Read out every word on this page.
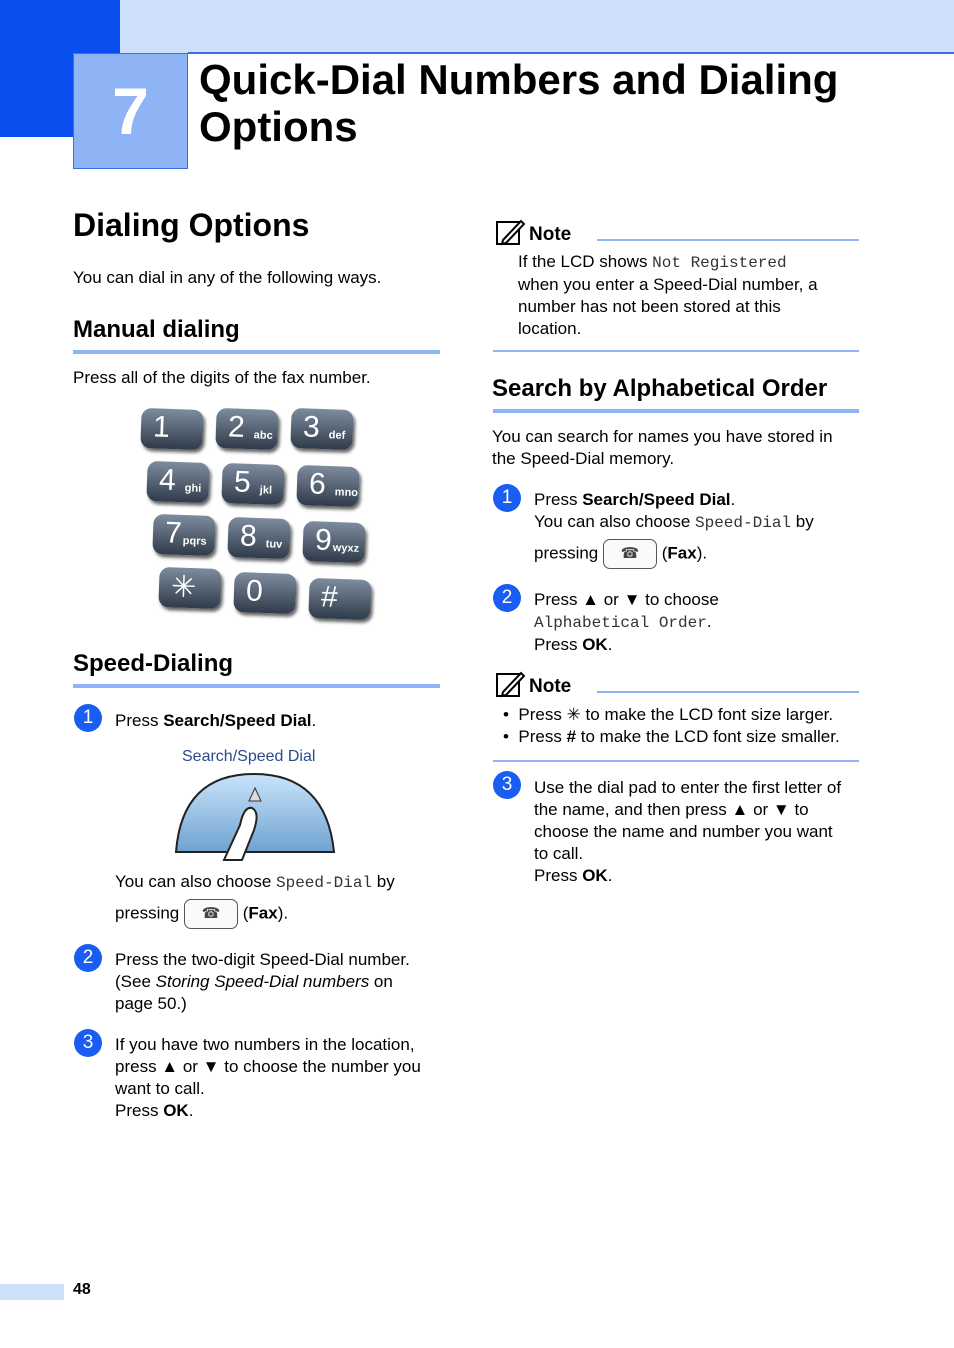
7	Quick-Dial Numbers and Dialing Options
Dialing Options
You can dial in any of the following ways.
Manual dialing
Press all of the digits of the fax number.
1 2 abc 3 def
4 ghi 5 jkl 6 mno
7 pqrs 8 tuv 9 wyxz
✳ 0 #
Speed-Dialing
1	Press Search/Speed Dial.
Search/Speed Dial
You can also choose Speed-Dial by
pressing ☎ (Fax).
2	Press the two-digit Speed-Dial number.
(See Storing Speed-Dial numbers on
page 50.)
3	If you have two numbers in the location,
press ▲ or ▼ to choose the number you
want to call.
Press OK.
Note
If the LCD shows Not Registered
when you enter a Speed-Dial number, a
number has not been stored at this
location.
Search by Alphabetical Order
You can search for names you have stored in
the Speed-Dial memory.
1	Press Search/Speed Dial.
You can also choose Speed-Dial by
pressing ☎ (Fax).
2	Press ▲ or ▼ to choose
Alphabetical Order.
Press OK.
Note
•  Press ✳ to make the LCD font size larger.
•  Press # to make the LCD font size smaller.
3	Use the dial pad to enter the first letter of
the name, and then press ▲ or ▼ to
choose the name and number you want
to call.
Press OK.
48
